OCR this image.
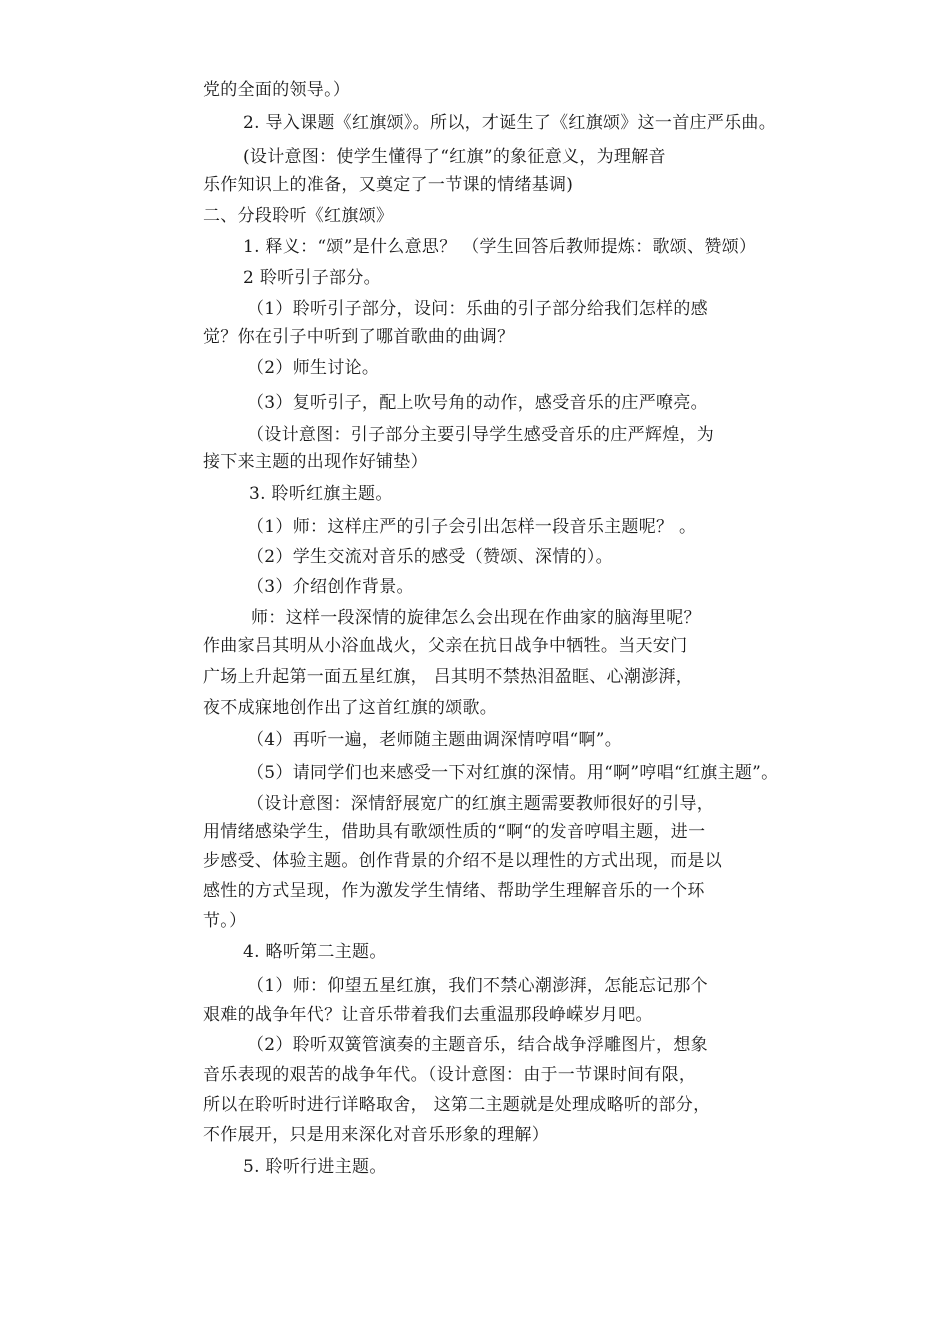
党的全面的领导。）
2. 导入课题《红旗颂》。所以，才诞生了《红旗颂》这一首庄严乐曲。
(设计意图：使学生懂得了“红旗”的象征意义，为理解音
乐作知识上的准备，又奠定了一节课的情绪基调)
二、分段聆听《红旗颂》
1. 释义：“颂”是什么意思？ （学生回答后教师提炼：歌颂、赞颂）
2 聆听引子部分。
（1）聆听引子部分，设问：乐曲的引子部分给我们怎样的感
觉？你在引子中听到了哪首歌曲的曲调？
（2）师生讨论。
（3）复听引子，配上吹号角的动作，感受音乐的庄严嘹亮。
（设计意图：引子部分主要引导学生感受音乐的庄严辉煌，为
接下来主题的出现作好铺垫）
3. 聆听红旗主题。
（1）师：这样庄严的引子会引出怎样一段音乐主题呢？ 。
（2）学生交流对音乐的感受（赞颂、深情的）。
（3）介绍创作背景。
师：这样一段深情的旋律怎么会出现在作曲家的脑海里呢？
作曲家吕其明从小浴血战火，父亲在抗日战争中牺牲。当天安门
广场上升起第一面五星红旗， 吕其明不禁热泪盈眶、心潮澎湃，
夜不成寐地创作出了这首红旗的颂歌。
（4）再听一遍，老师随主题曲调深情哼唱“啊”。
（5）请同学们也来感受一下对红旗的深情。用“啊”哼唱“红旗主题”。
（设计意图：深情舒展宽广的红旗主题需要教师很好的引导，
用情绪感染学生，借助具有歌颂性质的“啊“的发音哼唱主题，进一
步感受、体验主题。创作背景的介绍不是以理性的方式出现，而是以
感性的方式呈现，作为激发学生情绪、帮助学生理解音乐的一个环
节。）
4. 略听第二主题。
（1）师：仰望五星红旗，我们不禁心潮澎湃，怎能忘记那个
艰难的战争年代？让音乐带着我们去重温那段峥嵘岁月吧。
（2）聆听双簧管演奏的主题音乐，结合战争浮雕图片，想象
音乐表现的艰苦的战争年代。（设计意图：由于一节课时间有限，
所以在聆听时进行详略取舍， 这第二主题就是处理成略听的部分，
不作展开，只是用来深化对音乐形象的理解）
5. 聆听行进主题。
